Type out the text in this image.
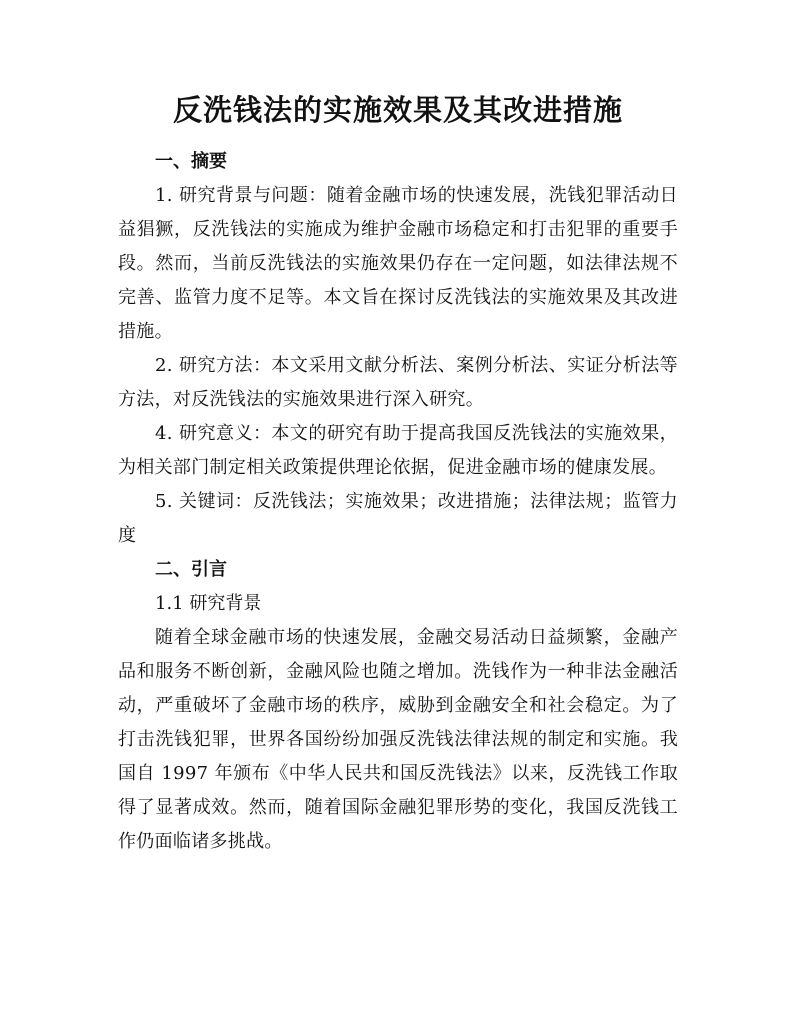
反洗钱法的实施效果及其改进措施

一、摘要

1. 研究背景与问题：随着金融市场的快速发展，洗钱犯罪活动日益猖獗，反洗钱法的实施成为维护金融市场稳定和打击犯罪的重要手段。然而，当前反洗钱法的实施效果仍存在一定问题，如法律法规不完善、监管力度不足等。本文旨在探讨反洗钱法的实施效果及其改进措施。

2. 研究方法：本文采用文献分析法、案例分析法、实证分析法等方法，对反洗钱法的实施效果进行深入研究。

4. 研究意义：本文的研究有助于提高我国反洗钱法的实施效果，为相关部门制定相关政策提供理论依据，促进金融市场的健康发展。

5. 关键词：反洗钱法；实施效果；改进措施；法律法规；监管力度

二、引言

1.1 研究背景

随着全球金融市场的快速发展，金融交易活动日益频繁，金融产品和服务不断创新，金融风险也随之增加。洗钱作为一种非法金融活动，严重破坏了金融市场的秩序，威胁到金融安全和社会稳定。为了打击洗钱犯罪，世界各国纷纷加强反洗钱法律法规的制定和实施。我国自 1997 年颁布《中华人民共和国反洗钱法》以来，反洗钱工作取得了显著成效。然而，随着国际金融犯罪形势的变化，我国反洗钱工作仍面临诸多挑战。
